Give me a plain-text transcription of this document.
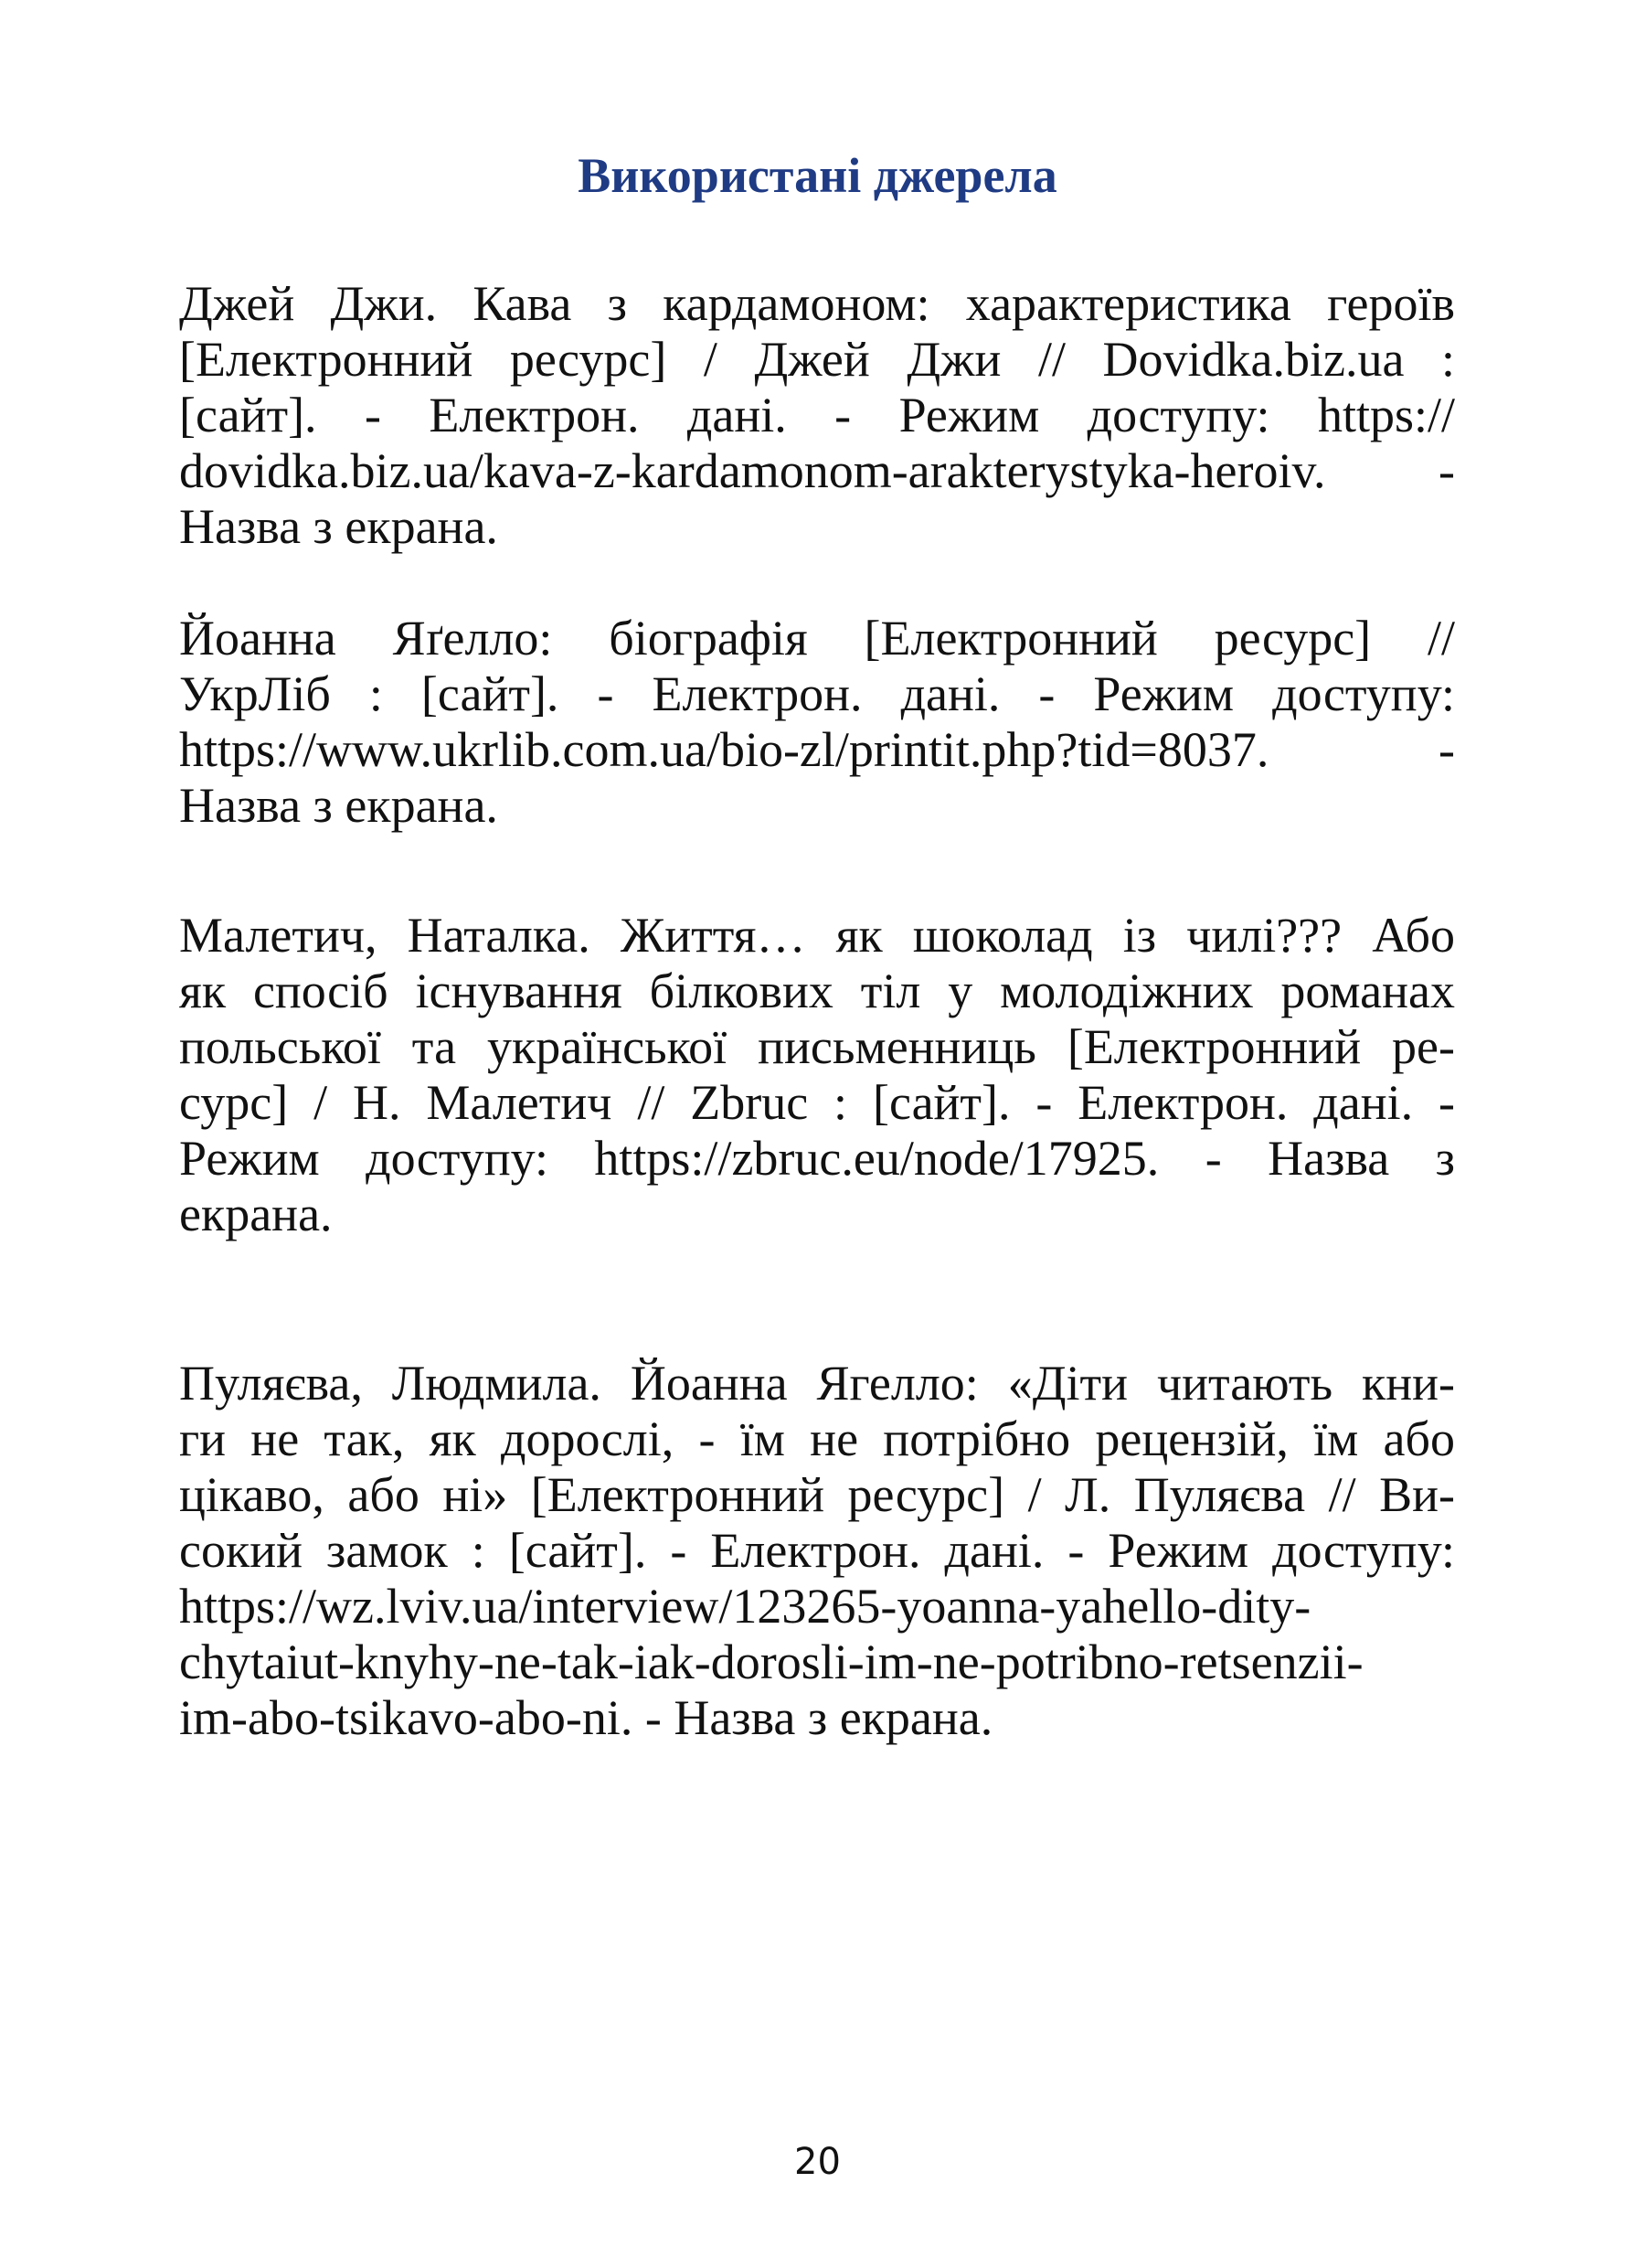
Використані джерела

Джей Джи. Кава з кардамоном: характеристика героїв
[Електронний ресурс] / Джей Джи // Dovidka.biz.ua :
[сайт]. - Електрон. дані. - Режим доступу: https://
dovidka.biz.ua/kava-z-kardamonom-arakterystyka-heroiv. -
Назва з екрана.

Йоанна Яґелло: біографія [Електронний ресурс] //
УкрЛіб : [сайт]. - Електрон. дані. - Режим доступу:
https://www.ukrlib.com.ua/bio-zl/printit.php?tid=8037. -
Назва з екрана.

Малетич, Наталка. Життя… як шоколад із чилі??? Або
як спосіб існування білкових тіл у молодіжних романах
польської та української письменниць [Електронний ре-
сурс] / Н. Малетич // Zbruc : [сайт]. - Електрон. дані. -
Режим доступу: https://zbruc.eu/node/17925. - Назва з
екрана.

Пуляєва, Людмила. Йоанна Ягелло: «Діти читають кни-
ги не так, як дорослі, - їм не потрібно рецензій, їм або
цікаво, або ні» [Електронний ресурс] / Л. Пуляєва // Ви-
сокий замок : [сайт]. - Електрон. дані. - Режим доступу:
https://wz.lviv.ua/interview/123265-yoanna-yahello-dity-
chytaiut-knyhy-ne-tak-iak-dorosli-im-ne-potribno-retsenzii-
im-abo-tsikavo-abo-ni. - Назва з екрана.

20
